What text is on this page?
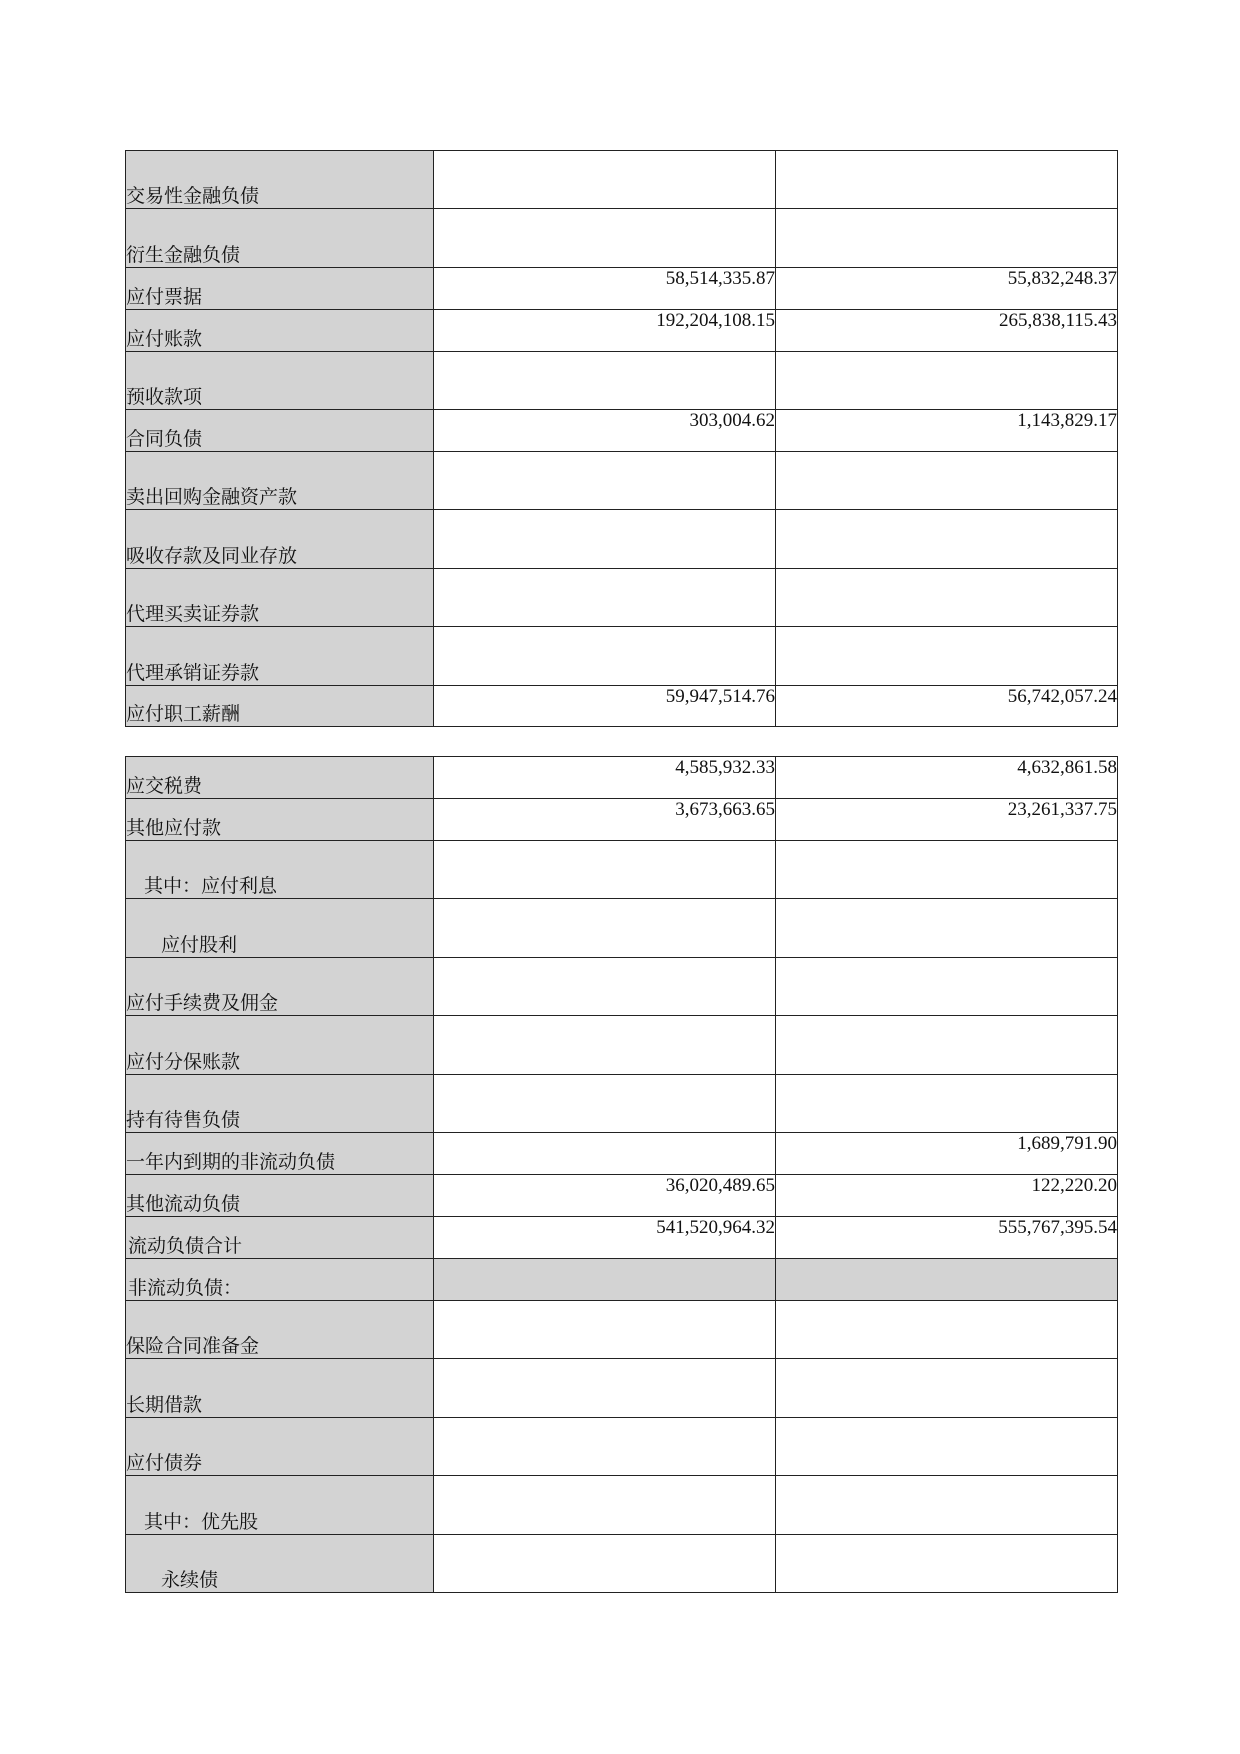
交易性金融负债		
衍生金融负债		
应付票据	58,514,335.87	55,832,248.37
应付账款	192,204,108.15	265,838,115.43
预收款项		
合同负债	303,004.62	1,143,829.17
卖出回购金融资产款		
吸收存款及同业存放		
代理买卖证券款		
代理承销证券款		
应付职工薪酬	59,947,514.76	56,742,057.24
应交税费	4,585,932.33	4,632,861.58
其他应付款	3,673,663.65	23,261,337.75
其中：应付利息		
应付股利		
应付手续费及佣金		
应付分保账款		
持有待售负债		
一年内到期的非流动负债		1,689,791.90
其他流动负债	36,020,489.65	122,220.20
流动负债合计	541,520,964.32	555,767,395.54
非流动负债：		
保险合同准备金		
长期借款		
应付债券		
其中：优先股		
永续债		
